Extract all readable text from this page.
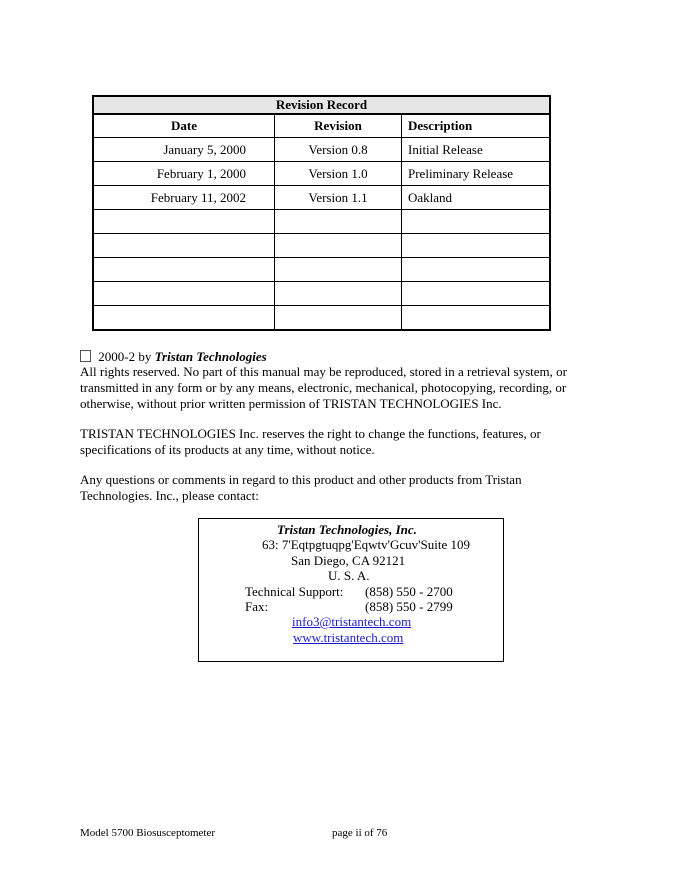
Revision Record		
Date	Revision	Description
January 5, 2000	Version 0.8	Initial Release
February 1, 2000	Version 1.0	Preliminary Release
February 11, 2002	Version 1.1	Oakland

2000-2 by Tristan Technologies

All rights reserved. No part of this manual may be reproduced, stored in a retrieval system, or transmitted in any form or by any means, electronic, mechanical, photocopying, recording, or otherwise, without prior written permission of TRISTAN TECHNOLOGIES Inc.

TRISTAN TECHNOLOGIES Inc. reserves the right to change the functions, features, or specifications of its products at any time, without notice.

Any questions or comments in regard to this product and other products from Tristan Technologies. Inc., please contact:

Tristan Technologies, Inc.
63: 7'Eqtpgtuqpg'Eqwtv'Gcuv'Suite 109
San Diego, CA 92121
U. S. A.
Technical Support: (858) 550 - 2700
Fax:	(858) 550 - 2799
info3@tristantech.com
www.tristantech.com
Model 5700 Biosusceptometer	page ii of 76
